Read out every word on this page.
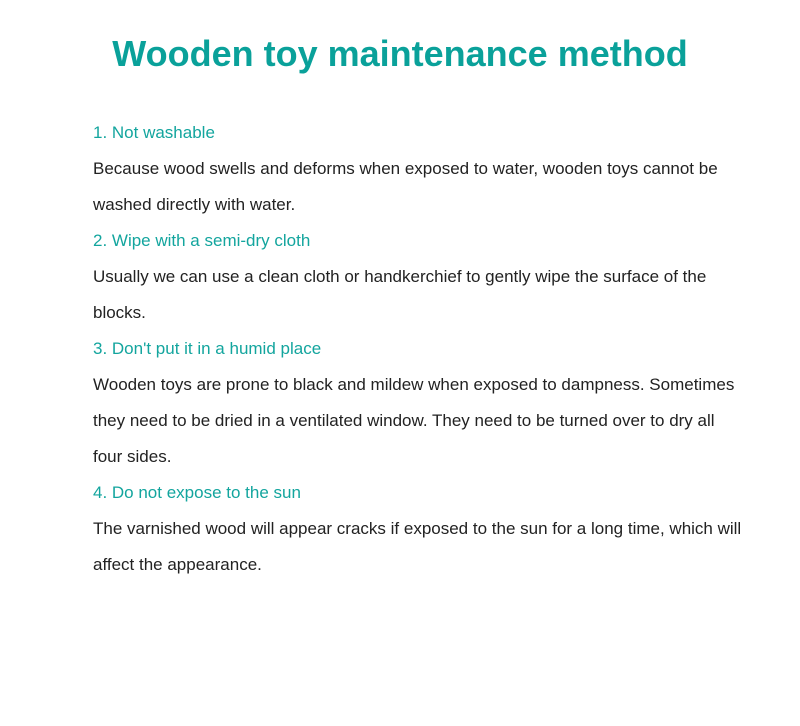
Wooden toy maintenance method
1. Not washable

Because wood swells and deforms when exposed to water, wooden toys cannot be washed directly with water.

2. Wipe with a semi-dry cloth

Usually we can use a clean cloth or handkerchief to gently wipe the surface of the blocks.

3. Don't put it in a humid place

Wooden toys are prone to black and mildew when exposed to dampness. Sometimes they need to be dried in a ventilated window. They need to be turned over to dry all four sides.

4. Do not expose to the sun

The varnished wood will appear cracks if exposed to the sun for a long time, which will affect the appearance.
